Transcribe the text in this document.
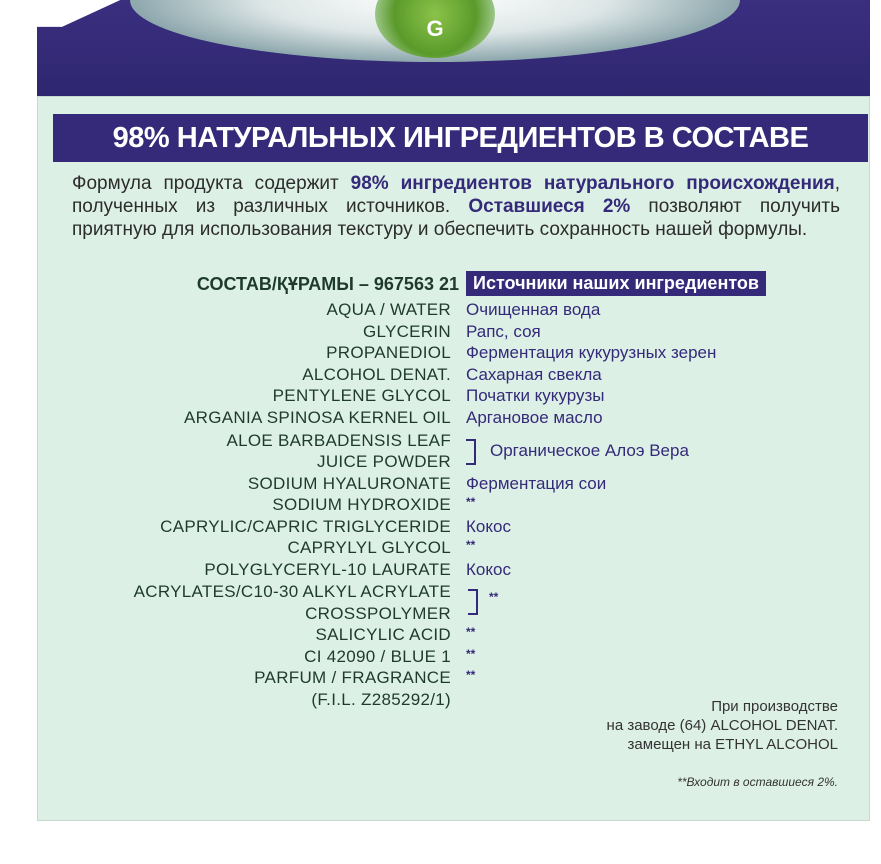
G
98% НАТУРАЛЬНЫХ ИНГРЕДИЕНТОВ В СОСТАВЕ
Формула продукта содержит 98% ингредиентов натурального происхождения, полученных из различных источников. Оставшиеся 2% позволяют получить приятную для использования текстуру и обеспечить сохранность нашей формулы.
СОСТАВ/ҚҰРАМЫ – 967563 21 Источники наших ингредиентов
AQUA / WATER Очищенная вода
GLYCERIN Рапс, соя
PROPANEDIOL Ферментация кукурузных зерен
ALCOHOL DENAT. Сахарная свекла
PENTYLENE GLYCOL Початки кукурузы
ARGANIA SPINOSA KERNEL OIL Аргановое масло
ALOE BARBADENSIS LEAF
JUICE POWDER
Органическое Алоэ Вера
SODIUM HYALURONATE Ферментация сои
SODIUM HYDROXIDE **
CAPRYLIC/CAPRIC TRIGLYCERIDE Кокос
CAPRYLYL GLYCOL **
POLYGLYCERYL-10 LAURATE Кокос
ACRYLATES/C10-30 ALKYL ACRYLATE
CROSSPOLYMER
**
SALICYLIC ACID **
CI 42090 / BLUE 1 **
PARFUM / FRAGRANCE **
(F.I.L. Z285292/1)	При производстве
на заводе (64) ALCOHOL DENAT.
замещен на ETHYL ALCOHOL
**Входит в оставшиеся 2%.
